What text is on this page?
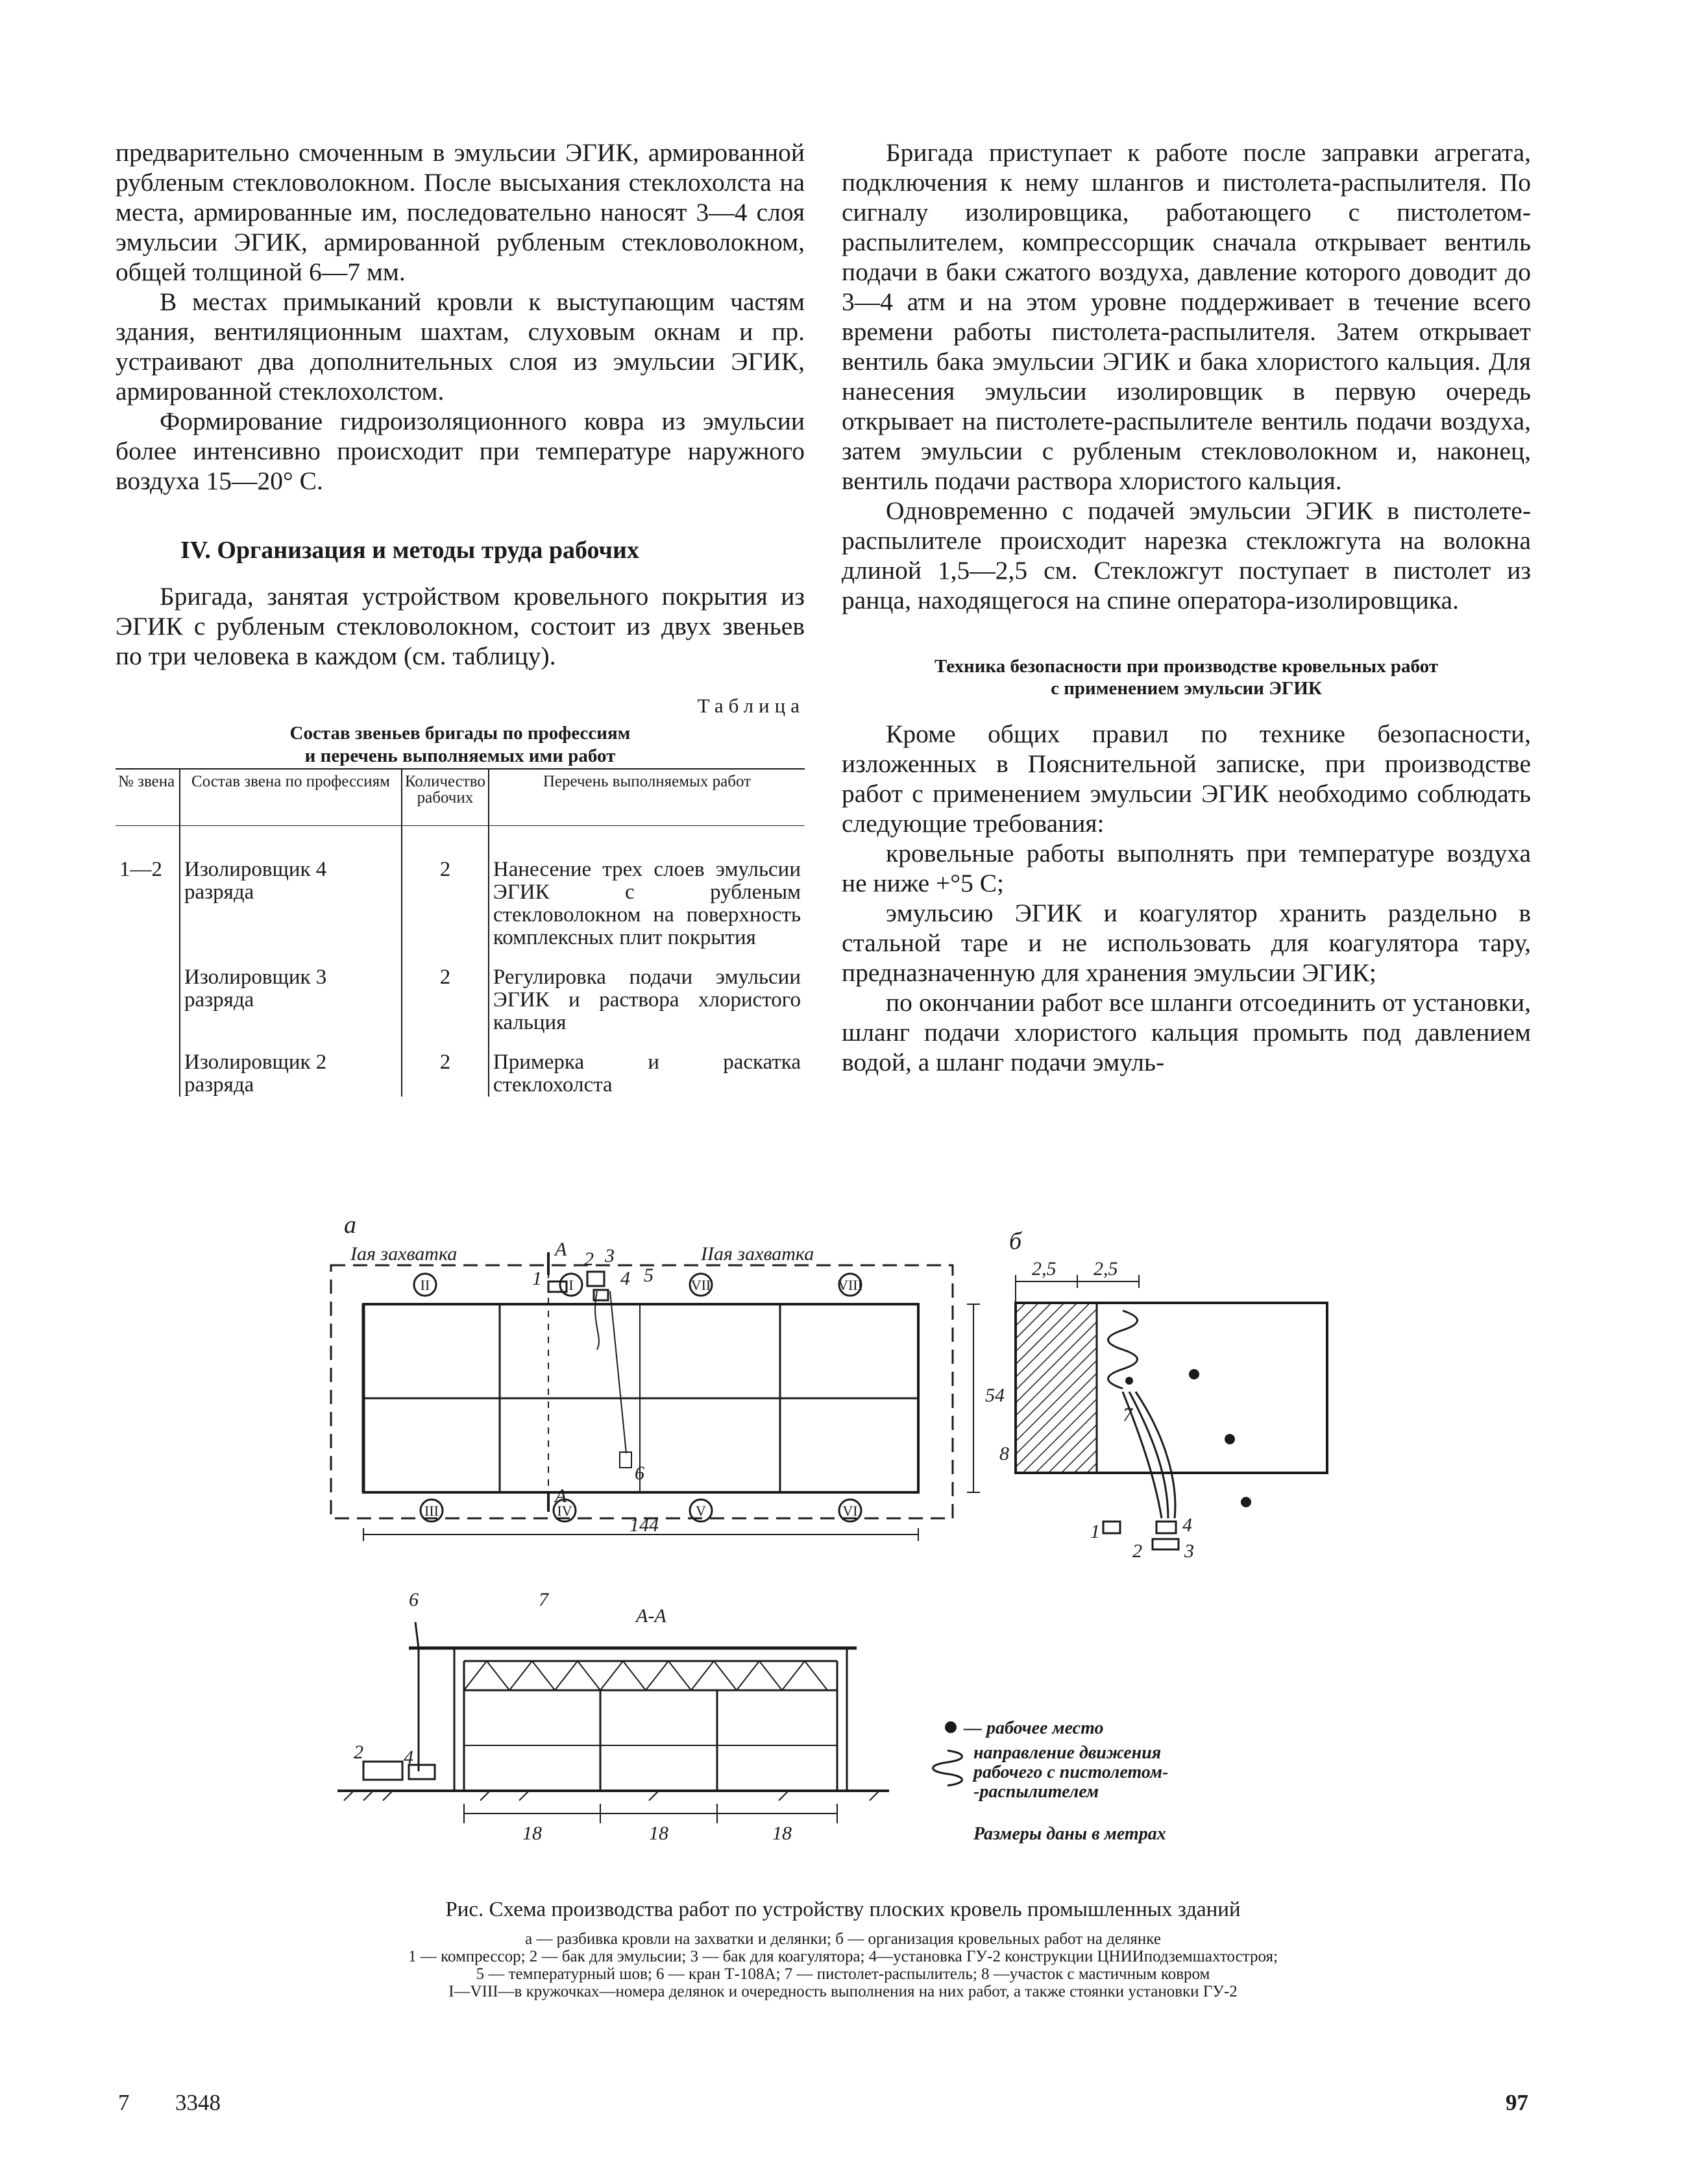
предварительно смоченным в эмульсии ЭГИК, армированной рубленым стекловолокном. После высыхания стеклохолста на места, армированные им, последовательно наносят 3—4 слоя эмульсии ЭГИК, армированной рубленым стекловолокном, общей толщиной 6—7 мм.

В местах примыканий кровли к выступающим частям здания, вентиляционным шахтам, слуховым окнам и пр. устраивают два дополнительных слоя из эмульсии ЭГИК, армированной стеклохолстом.

Формирование гидроизоляционного ковра из эмульсии более интенсивно происходит при температуре наружного воздуха 15—20° С.

IV. Организация и методы труда рабочих

Бригада, занятая устройством кровельного покрытия из ЭГИК с рубленым стекловолокном, состоит из двух звеньев по три человека в каждом (см. таблицу).

Таблица
Состав звеньев бригады по профессиям
и перечень выполняемых ими работ
№ звена	Состав звена по профессиям	Количество рабочих	Перечень выполняемых работ
1—2	Изолировщик 4 разряда	2	Нанесение трех слоев эмульсии ЭГИК с рубленым стекловолокном на поверхность комплексных плит покрытия
	Изолировщик 3 разряда	2	Регулировка подачи эмульсии ЭГИК и раствора хлористого кальция
	Изолировщик 2 разряда	2	Примерка и раскатка стеклохолста

Бригада приступает к работе после заправки агрегата, подключения к нему шлангов и пистолета-распылителя. По сигналу изолировщика, работающего с пистолетом-распылителем, компрессорщик сначала открывает вентиль подачи в баки сжатого воздуха, давление которого доводит до 3—4 атм и на этом уровне поддерживает в течение всего времени работы пистолета-распылителя. Затем открывает вентиль бака эмульсии ЭГИК и бака хлористого кальция. Для нанесения эмульсии изолировщик в первую очередь открывает на пистолете-распылителе вентиль подачи воздуха, затем эмульсии с рубленым стекловолокном и, наконец, вентиль подачи раствора хлористого кальция.

Одновременно с подачей эмульсии ЭГИК в пистолете-распылителе происходит нарезка стекложгута на волокна длиной 1,5—2,5 см. Стекложгут поступает в пистолет из ранца, находящегося на спине оператора-изолировщика.

Техника безопасности при производстве кровельных работ
с применением эмульсии ЭГИК

Кроме общих правил по технике безопасности, изложенных в Пояснительной записке, при производстве работ с применением эмульсии ЭГИК необходимо соблюдать следующие требования:

кровельные работы выполнять при температуре воздуха не ниже +°5 С;

эмульсию ЭГИК и коагулятор хранить раздельно в стальной таре и не использовать для коагулятора тару, предназначенную для хранения эмульсии ЭГИК;

по окончании работ все шланги отсоединить от установки, шланг подачи хлористого кальция промыть под давлением водой, а шланг подачи эмуль-

а
б
Iая захватка	IIая захватка
А
А
А-А
54
144
18	18	18
2,5 2,5
II	I	VII	VIII
III	IV	V	VI
1
2 3
4 5
6
7
8
1	4
2 3
6	7
2 4
— рабочее место
направление движения
рабочего с пистолетом-
-распылителем
Размеры даны в метрах
Рис. Схема производства работ по устройству плоских кровель промышленных зданий
а — разбивка кровли на захватки и делянки; б — организация кровельных работ на делянке
1 — компрессор; 2 — бак для эмульсии; 3 — бак для коагулятора; 4—установка ГУ-2 конструкции ЦНИИподземшахтостроя;
5 — температурный шов; 6 — кран Т-108А; 7 — пистолет-распылитель; 8 —участок с мастичным ковром
I—VIII—в кружочках—номера делянок и очередность выполнения на них работ, а также стоянки установки ГУ-2
7 3348	97
